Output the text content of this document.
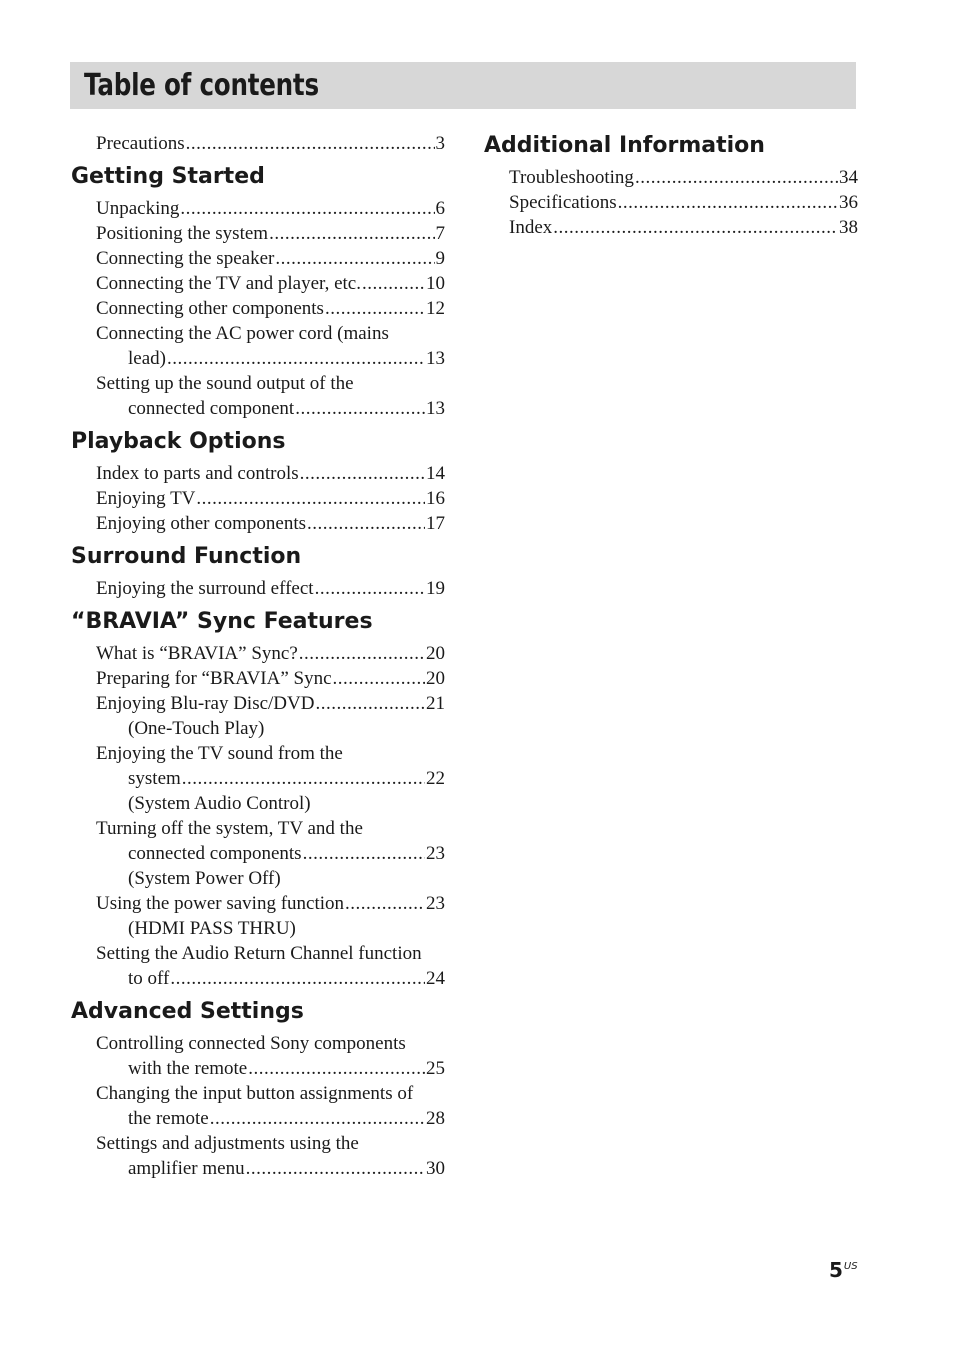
Table of contents
Precautions .....	3
Getting Started
Unpacking .....	6
Positioning the system .....	7
Connecting the speaker .....	9
Connecting the TV and player, etc. .....	10
Connecting other components .....	12
Connecting the AC power cord (mains
lead) .....	13
Setting up the sound output of the
connected component .....	13
Playback Options
Index to parts and controls .....	14
Enjoying TV .....	16
Enjoying other components .....	17
Surround Function
Enjoying the surround effect .....	19
“BRAVIA” Sync Features
What is “BRAVIA” Sync? .....	20
Preparing for “BRAVIA” Sync .....	20
Enjoying Blu-ray Disc/DVD .....	21
(One-Touch Play)
Enjoying the TV sound from the
system .....	22
(System Audio Control)
Turning off the system, TV and the
connected components .....	23
(System Power Off)
Using the power saving function .....	23
(HDMI PASS THRU)
Setting the Audio Return Channel function
to off .....	24
Advanced Settings
Controlling connected Sony components
with the remote .....	25
Changing the input button assignments of
the remote .....	28
Settings and adjustments using the
amplifier menu .....	30
Additional Information
Troubleshooting .....	34
Specifications .....	36
Index .....	38
$5^{US}$
